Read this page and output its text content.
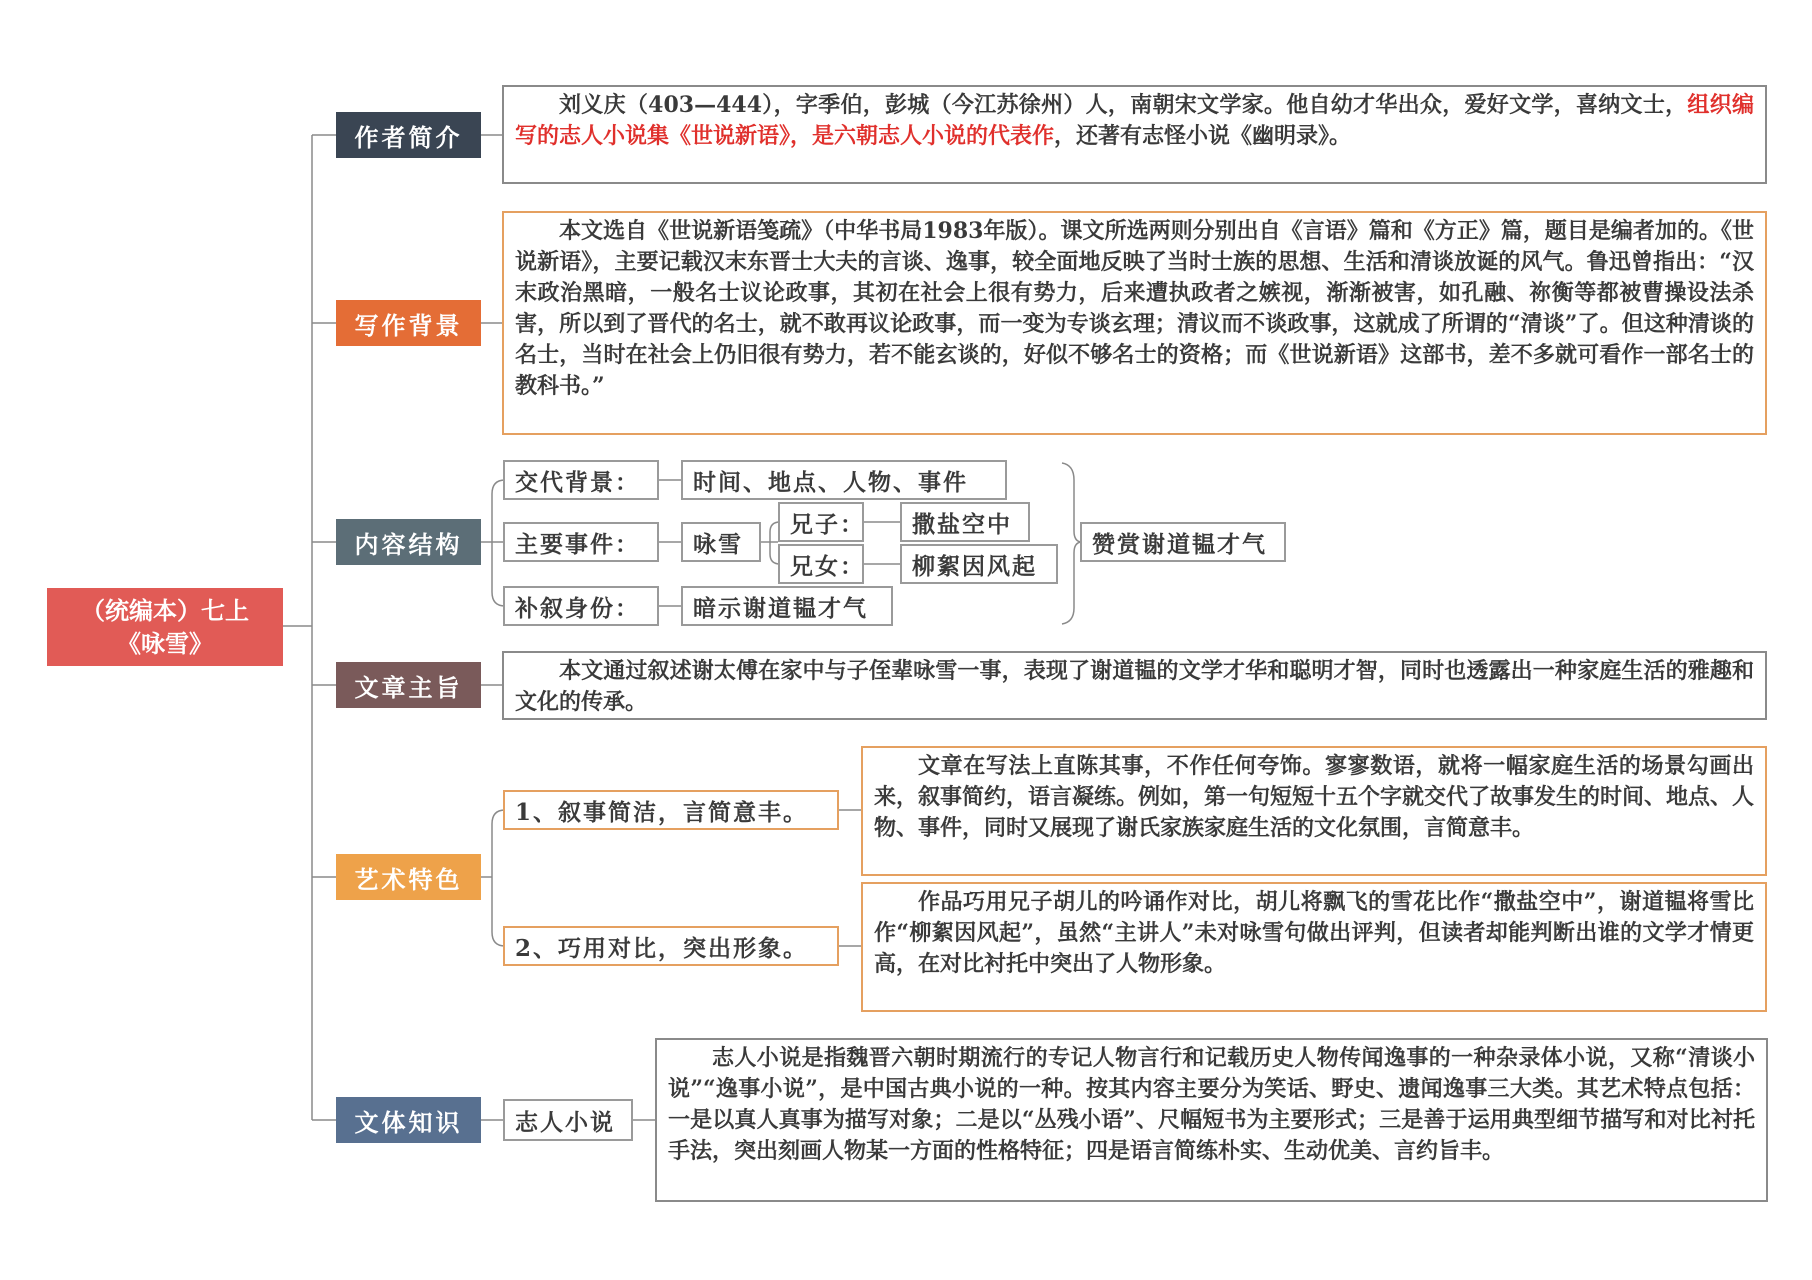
（统编本）七上
《咏雪》
作者简介
写作背景
内容结构
文章主旨
艺术特色
文体知识

刘义庆（403—444），字季伯，彭城（今江苏徐州）人，南朝宋文学家。他自幼才华出众，爱好文学，喜纳文士，组织编写的志人小说集《世说新语》，是六朝志人小说的代表作，还著有志怪小说《幽明录》。

本文选自《世说新语笺疏》（中华书局1983年版）。课文所选两则分别出自《言语》篇和《方正》篇，题目是编者加的。《世说新语》，主要记载汉末东晋士大夫的言谈、逸事，较全面地反映了当时士族的思想、生活和清谈放诞的风气。鲁迅曾指出：“汉末政治黑暗，一般名士议论政事，其初在社会上很有势力，后来遭执政者之嫉视，渐渐被害，如孔融、祢衡等都被曹操设法杀害，所以到了晋代的名士，就不敢再议论政事，而一变为专谈玄理；清议而不谈政事，这就成了所谓的“清谈”了。但这种清谈的名士，当时在社会上仍旧很有势力，若不能玄谈的，好似不够名士的资格；而《世说新语》这部书，差不多就可看作一部名士的教科书。”

交代背景：	时间、地点、人物、事件
主要事件：	咏雪
兄子：	撒盐空中
兄女：	柳絮因风起
补叙身份：	暗示谢道韫才气
赞赏谢道韫才气

本文通过叙述谢太傅在家中与子侄辈咏雪一事，表现了谢道韫的文学才华和聪明才智，同时也透露出一种家庭生活的雅趣和文化的传承。

1、叙事简洁，言简意丰。

文章在写法上直陈其事，不作任何夸饰。寥寥数语，就将一幅家庭生活的场景勾画出来，叙事简约，语言凝练。例如，第一句短短十五个字就交代了故事发生的时间、地点、人物、事件，同时又展现了谢氏家族家庭生活的文化氛围，言简意丰。

2、巧用对比，突出形象。

作品巧用兄子胡儿的吟诵作对比，胡儿将飘飞的雪花比作“撒盐空中”，谢道韫将雪比作“柳絮因风起”，虽然“主讲人”未对咏雪句做出评判，但读者却能判断出谁的文学才情更高，在对比衬托中突出了人物形象。

志人小说

志人小说是指魏晋六朝时期流行的专记人物言行和记载历史人物传闻逸事的一种杂录体小说，又称“清谈小说”“逸事小说”，是中国古典小说的一种。按其内容主要分为笑话、野史、遗闻逸事三大类。其艺术特点包括：一是以真人真事为描写对象；二是以“丛残小语”、尺幅短书为主要形式；三是善于运用典型细节描写和对比衬托手法，突出刻画人物某一方面的性格特征；四是语言简练朴实、生动优美、言约旨丰。
